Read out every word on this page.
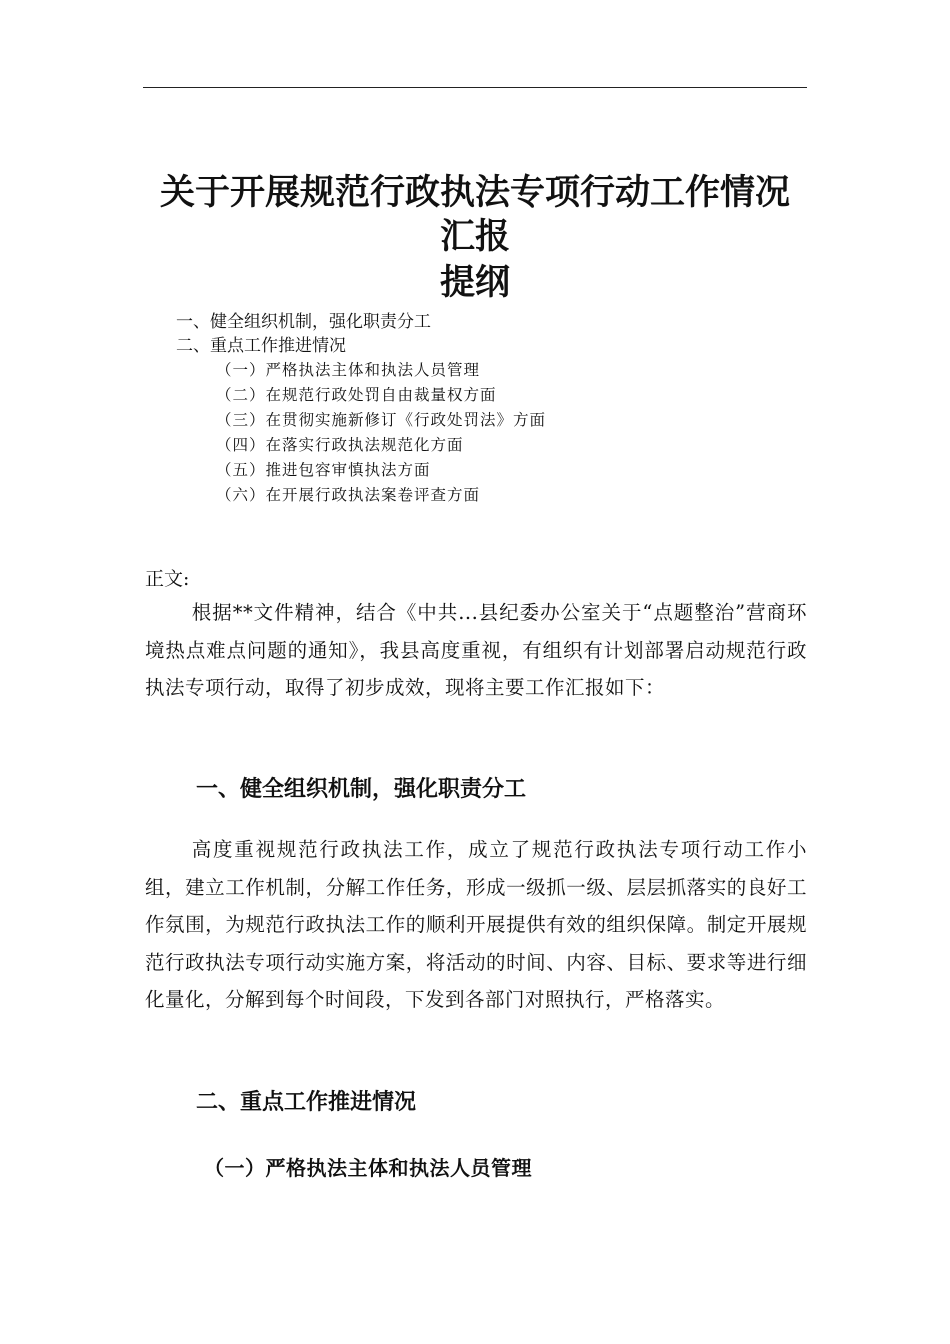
关于开展规范行政执法专项行动工作情况
汇报
提纲
一、健全组织机制，强化职责分工
二、重点工作推进情况
（一）严格执法主体和执法人员管理
（二）在规范行政处罚自由裁量权方面
（三）在贯彻实施新修订《行政处罚法》方面
（四）在落实行政执法规范化方面
（五）推进包容审慎执法方面
（六）在开展行政执法案卷评查方面
正文:

根据**文件精神，结合《中共...县纪委办公室关于“点题整治”营商环境热点难点问题的通知》，我县高度重视，有组织有计划部署启动规范行政执法专项行动，取得了初步成效，现将主要工作汇报如下：

一、健全组织机制，强化职责分工

高度重视规范行政执法工作，成立了规范行政执法专项行动工作小组，建立工作机制，分解工作任务，形成一级抓一级、层层抓落实的良好工作氛围，为规范行政执法工作的顺利开展提供有效的组织保障。制定开展规范行政执法专项行动实施方案，将活动的时间、内容、目标、要求等进行细化量化，分解到每个时间段，下发到各部门对照执行，严格落实。

二、重点工作推进情况
（一）严格执法主体和执法人员管理
